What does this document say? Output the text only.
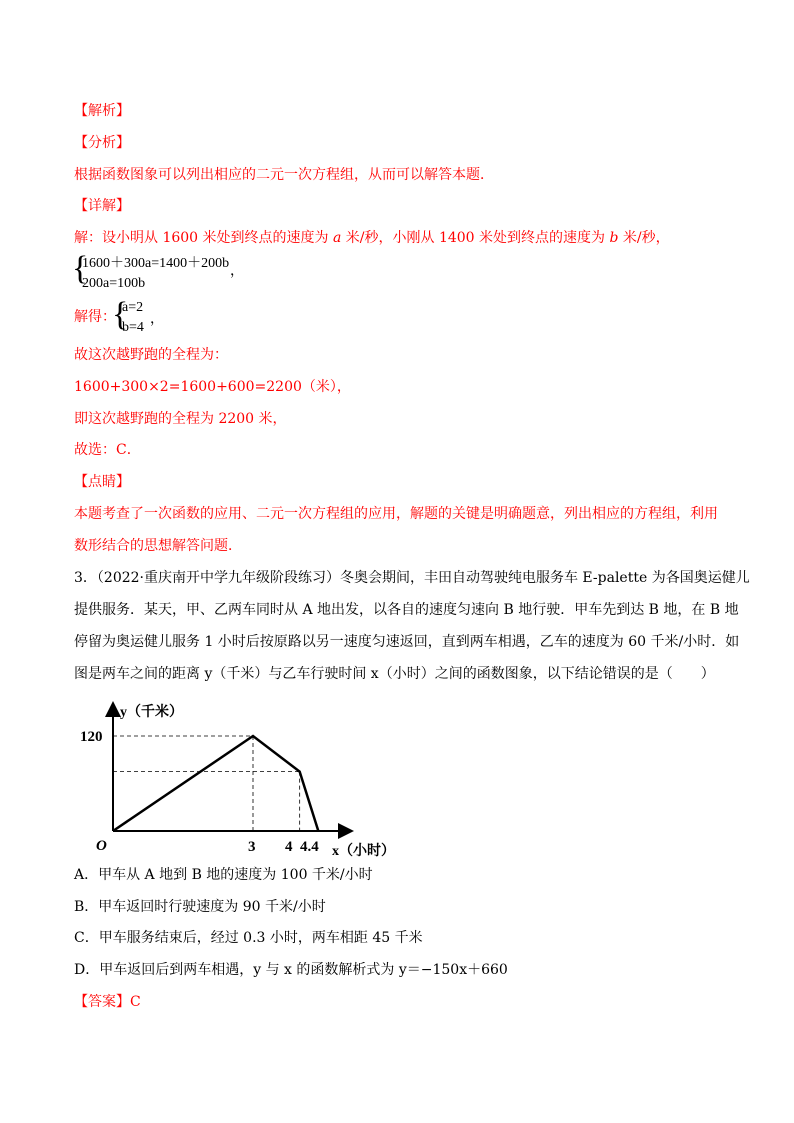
【解析】
【分析】
根据函数图象可以列出相应的二元一次方程组，从而可以解答本题．
【详解】
解：设小明从 1600 米处到终点的速度为 a 米/秒，小刚从 1400 米处到终点的速度为 b 米/秒，
{
1600＋300a=1400＋200b
200a=100b
，
解得：
{
a=2
b=4
，
故这次越野跑的全程为：
1600+300×2=1600+600=2200（米），
即这次越野跑的全程为 2200 米，
故选：C．
【点睛】
本题考查了一次函数的应用、二元一次方程组的应用，解题的关键是明确题意，列出相应的方程组，利用
数形结合的思想解答问题．
3．（2022·重庆南开中学九年级阶段练习）冬奥会期间，丰田自动驾驶纯电服务车 E-palette 为各国奥运健儿
提供服务．某天，甲、乙两车同时从 A 地出发，以各自的速度匀速向 B 地行驶．甲车先到达 B 地，在 B 地
停留为奥运健儿服务 1 小时后按原路以另一速度匀速返回，直到两车相遇，乙车的速度为 60 千米/小时．如
图是两车之间的距离 y（千米）与乙车行驶时间 x（小时）之间的函数图象，以下结论错误的是（　　）
y（千米）
x（小时）
O
120
3 4 4.4
A．甲车从 A 地到 B 地的速度为 100 千米/小时
B．甲车返回时行驶速度为 90 千米/小时
C．甲车服务结束后，经过 0.3 小时，两车相距 45 千米
D．甲车返回后到两车相遇，y 与 x 的函数解析式为 y＝−150x＋660
【答案】C
